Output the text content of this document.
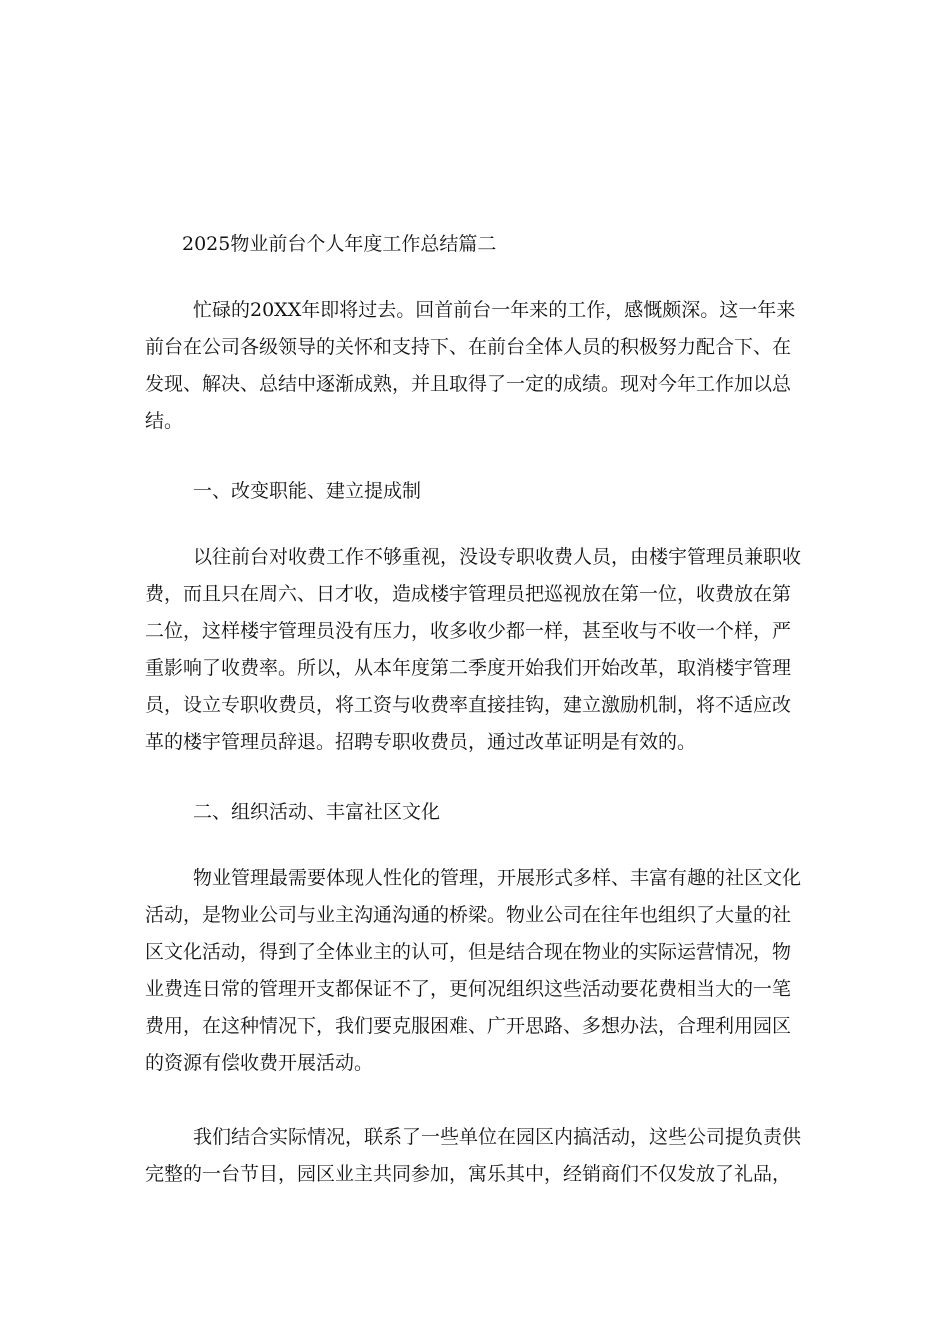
2025物业前台个人年度工作总结篇二
忙碌的20XX年即将过去。回首前台一年来的工作，感慨颇深。这一年来
前台在公司各级领导的关怀和支持下、在前台全体人员的积极努力配合下、在
发现、解决、总结中逐渐成熟，并且取得了一定的成绩。现对今年工作加以总
结。
一、改变职能、建立提成制
以往前台对收费工作不够重视，没设专职收费人员，由楼宇管理员兼职收
费，而且只在周六、日才收，造成楼宇管理员把巡视放在第一位，收费放在第
二位，这样楼宇管理员没有压力，收多收少都一样，甚至收与不收一个样，严
重影响了收费率。所以，从本年度第二季度开始我们开始改革，取消楼宇管理
员，设立专职收费员，将工资与收费率直接挂钩，建立激励机制，将不适应改
革的楼宇管理员辞退。招聘专职收费员，通过改革证明是有效的。
二、组织活动、丰富社区文化
物业管理最需要体现人性化的管理，开展形式多样、丰富有趣的社区文化
活动，是物业公司与业主沟通沟通的桥梁。物业公司在往年也组织了大量的社
区文化活动，得到了全体业主的认可，但是结合现在物业的实际运营情况，物
业费连日常的管理开支都保证不了，更何况组织这些活动要花费相当大的一笔
费用，在这种情况下，我们要克服困难、广开思路、多想办法，合理利用园区
的资源有偿收费开展活动。
我们结合实际情况，联系了一些单位在园区内搞活动，这些公司提负责供
完整的一台节目，园区业主共同参加，寓乐其中，经销商们不仅发放了礼品，
